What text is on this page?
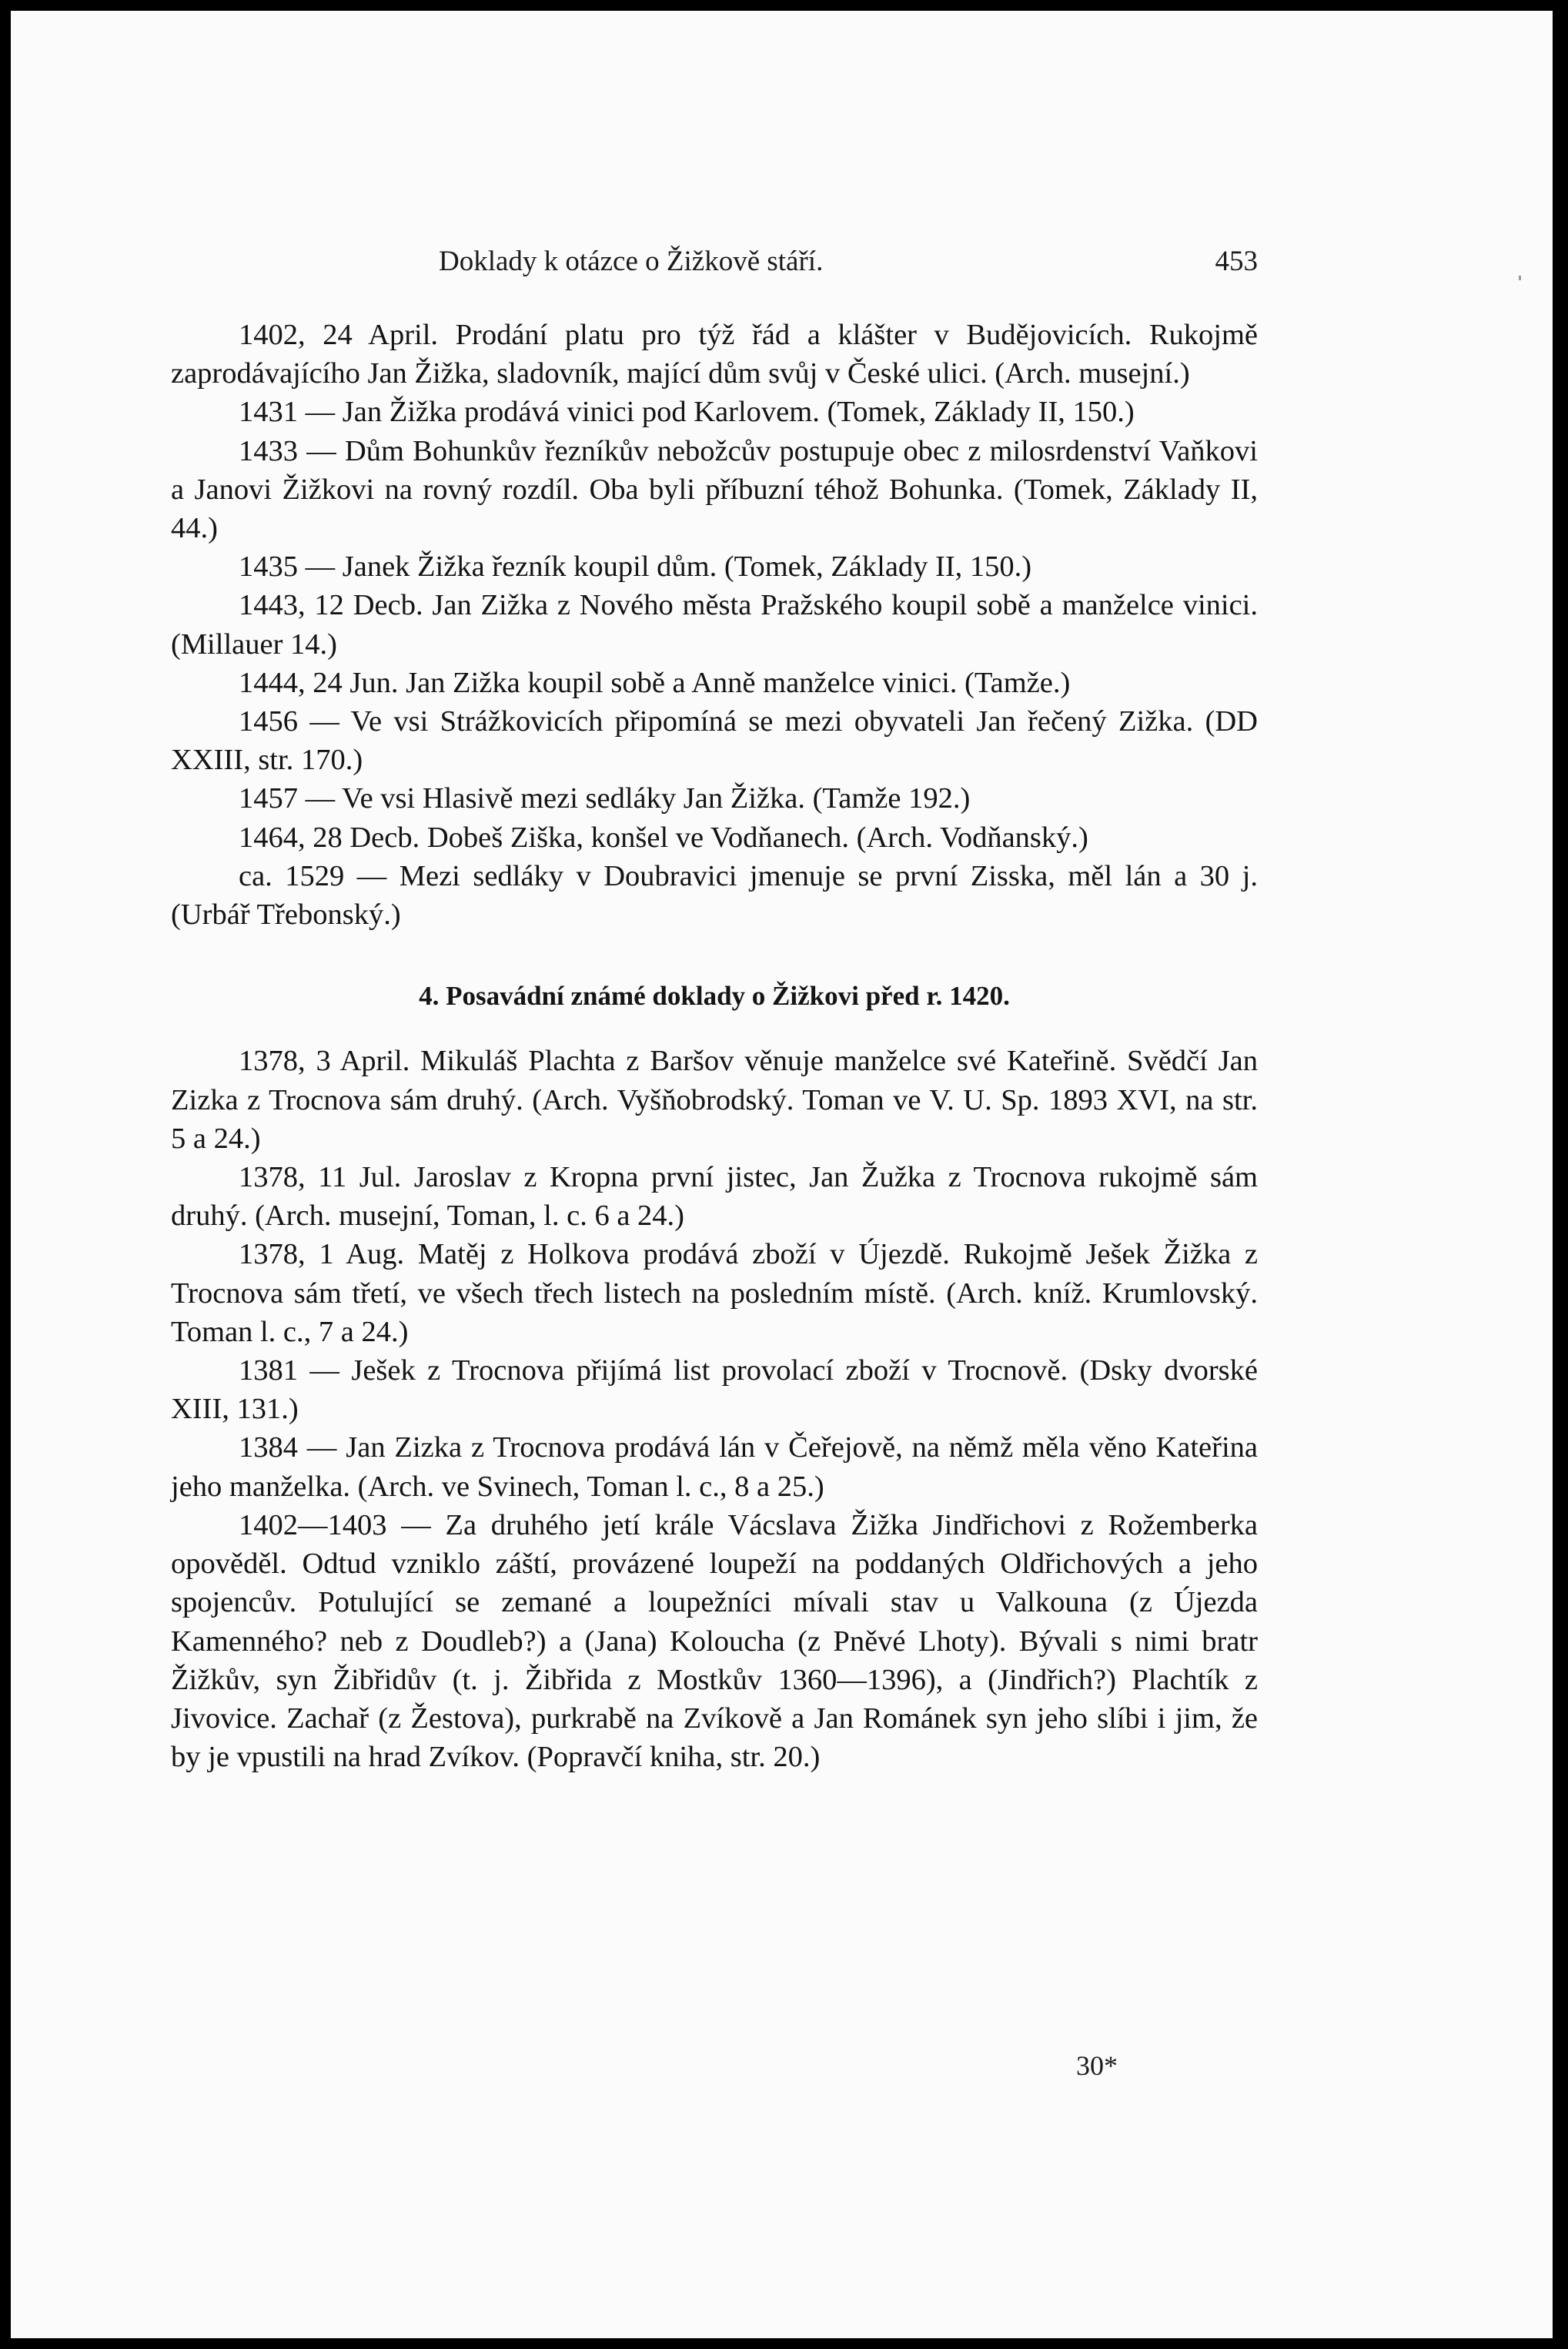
Doklady k otázce o Žižkově stáří.	453

1402, 24 April. Prodání platu pro týž řád a klášter v Budějovicích. Rukojmě zaprodávajícího Jan Žižka, sladovník, mající dům svůj v České ulici. (Arch. musejní.)

1431 — Jan Žižka prodává vinici pod Karlovem. (Tomek, Základy II, 150.)

1433 — Dům Bohunkův řezníkův nebožcův postupuje obec z milosrdenství Vaňkovi a Janovi Žižkovi na rovný rozdíl. Oba byli příbuzní téhož Bohunka. (Tomek, Základy II, 44.)

1435 — Janek Žižka řezník koupil dům. (Tomek, Základy II, 150.)

1443, 12 Decb. Jan Zižka z Nového města Pražského koupil sobě a manželce vinici. (Millauer 14.)

1444, 24 Jun. Jan Zižka koupil sobě a Anně manželce vinici. (Tamže.)

1456 — Ve vsi Strážkovicích připomíná se mezi obyvateli Jan řečený Zižka. (DD XXIII, str. 170.)

1457 — Ve vsi Hlasivě mezi sedláky Jan Žižka. (Tamže 192.)

1464, 28 Decb. Dobeš Ziška, konšel ve Vodňanech. (Arch. Vodňanský.)

ca. 1529 — Mezi sedláky v Doubravici jmenuje se první Zisska, měl lán a 30 j. (Urbář Třebonský.)

4. Posavádní známé doklady o Žižkovi před r. 1420.

1378, 3 April. Mikuláš Plachta z Baršov věnuje manželce své Kateřině. Svědčí Jan Zizka z Trocnova sám druhý. (Arch. Vyšňobrodský. Toman ve V. U. Sp. 1893 XVI, na str. 5 a 24.)

1378, 11 Jul. Jaroslav z Kropna první jistec, Jan Žužka z Trocnova rukojmě sám druhý. (Arch. musejní, Toman, l. c. 6 a 24.)

1378, 1 Aug. Matěj z Holkova prodává zboží v Újezdě. Rukojmě Ješek Žižka z Trocnova sám třetí, ve všech třech listech na posledním místě. (Arch. kníž. Krumlovský. Toman l. c., 7 a 24.)

1381 — Ješek z Trocnova přijímá list provolací zboží v Trocnově. (Dsky dvorské XIII, 131.)

1384 — Jan Zizka z Trocnova prodává lán v Čeřejově, na němž měla věno Kateřina jeho manželka. (Arch. ve Svinech, Toman l. c., 8 a 25.)

1402—1403 — Za druhého jetí krále Vácslava Žižka Jindřichovi z Rožemberka opověděl. Odtud vzniklo záští, provázené loupeží na poddaných Oldřichových a jeho spojencův. Potulující se zemané a loupežníci mívali stav u Valkouna (z Újezda Kamenného? neb z Doudleb?) a (Jana) Kolouchа (z Pněvé Lhoty). Bývali s nimi bratr Žižkův, syn Žibřidův (t. j. Žibřida z Mostkův 1360—1396), a (Jindřich?) Plachtík z Jivovice. Zachař (z Žestova), purkrabě na Zvíkově a Jan Románek syn jeho slíbi i jim, že by je vpustili na hrad Zvíkov. (Popravčí kniha, str. 20.)

30*
